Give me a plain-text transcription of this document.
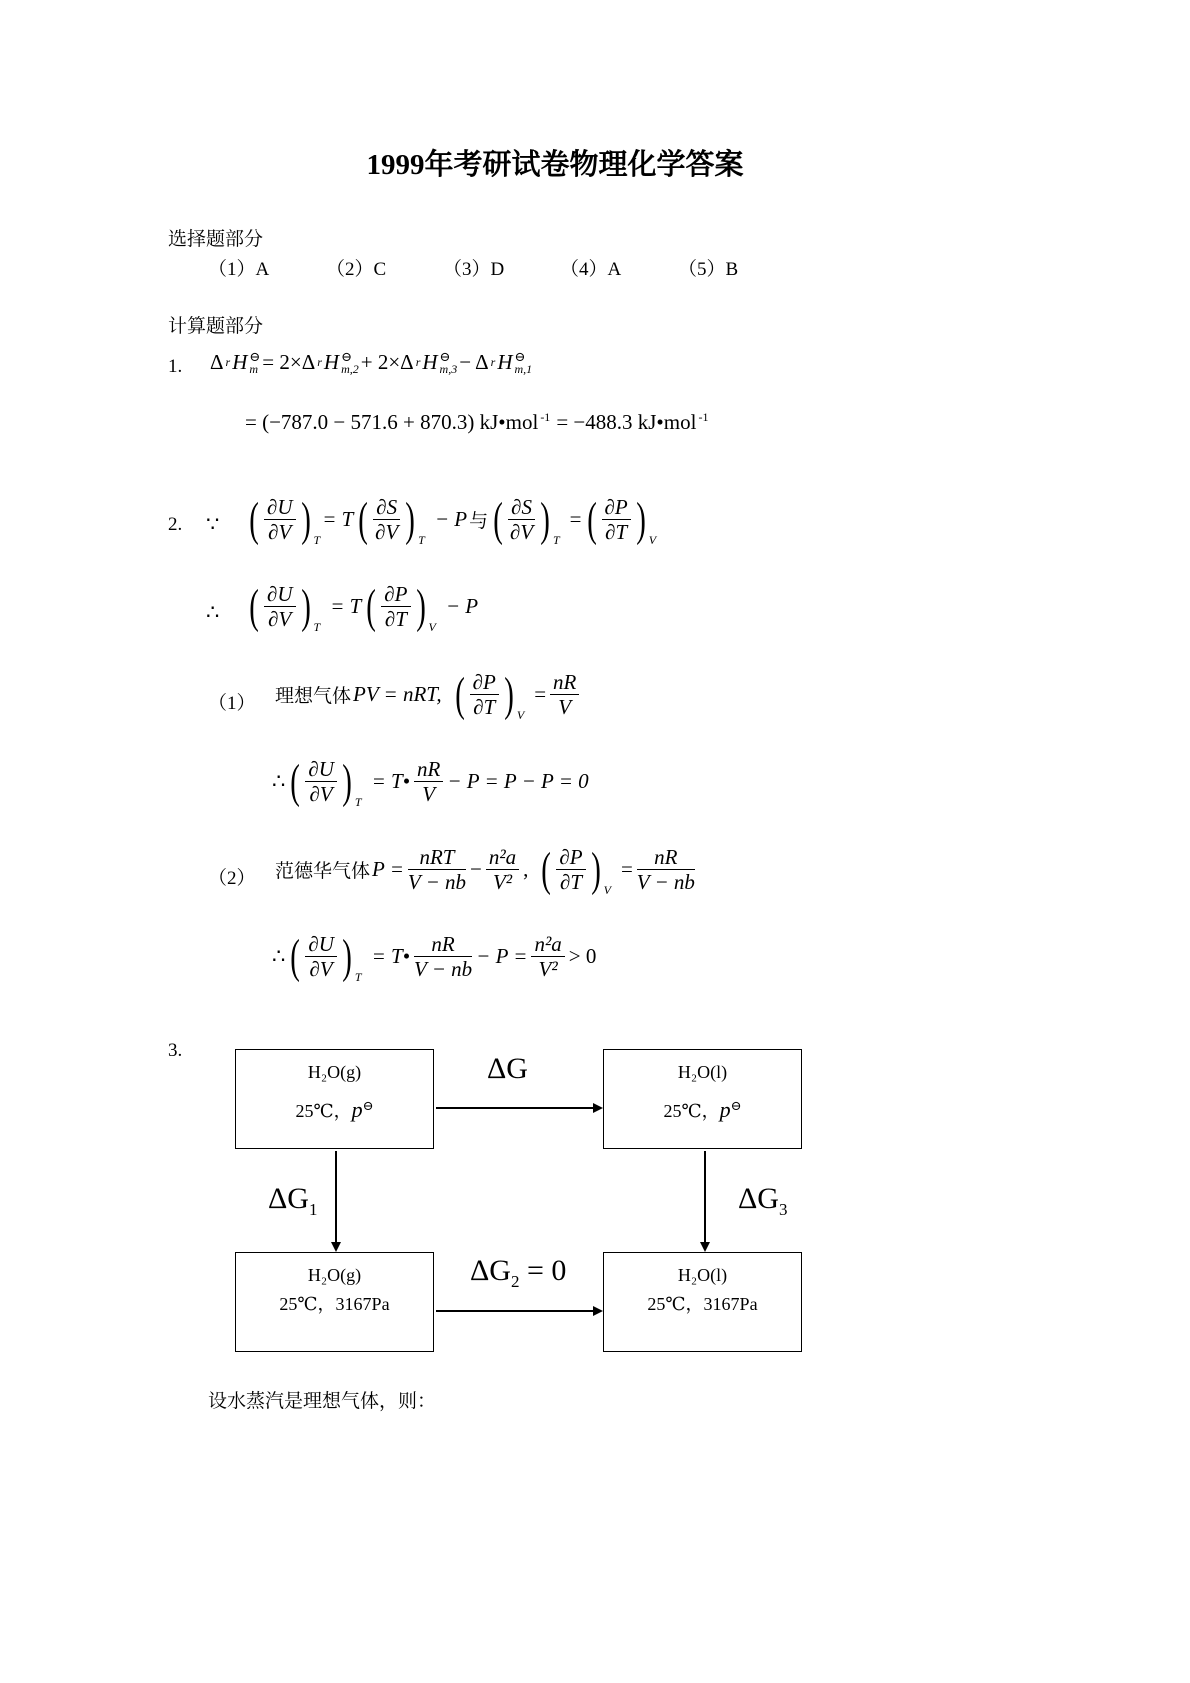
1999年考研试卷物理化学答案
选择题部分
（1）A	（2）C	（3）D	（4）A	（5）B
计算题部分
1. Δ r H ⊖
m = 2×Δ r H ⊖
m,2 + 2×Δ r H ⊖
m,3 − Δ r H ⊖
m,1
= (−787.0 − 571.6 + 870.3) kJ•mol$^{-1}$ = −488.3 kJ•mol$^{-1}$
2. ∵ ( $\frac{\partial U}{\partial V}$ ) T
= T ( $\frac{\partial S}{\partial V}$ ) T
− P 与 ( $\frac{\partial S}{\partial V}$ ) T
= ( $\frac{\partial P}{\partial T}$ ) V
∴ ( $\frac{\partial U}{\partial V}$ ) T
= T ( $\frac{\partial P}{\partial T}$ ) V
− P
（1） 理想气体 PV = nRT, ( $\frac{\partial P}{\partial T}$ ) V
= $\frac{nR}{V}$
∴ ( $\frac{\partial U}{\partial V}$ ) T
= T• $\frac{nR}{V} - P = P - P = 0$
（2） 范德华气体 $P = \frac{\text{nRT}}{V - nb} - \frac{\text{n²a}}{\text{V²}}$ , ( $\frac{\partial P}{\partial T}$ ) V
= $\frac{nR}{V - nb}$
∴ ( $\frac{\partial U}{\partial V}$ ) T
= T• $\frac{nR}{V - nb} - P = \frac{\text{n²a}}{\text{V²}} > 0$
3.
H₂O(g)
25℃，p⊖
H₂O(l)
25℃，p⊖
H₂O(g)
25℃，3167Pa
H₂O(l)
25℃，3167Pa
ΔG
$\Delta G_1$	$\Delta G_3$
$\Delta G_2 = 0$
设水蒸汽是理想气体，则：
